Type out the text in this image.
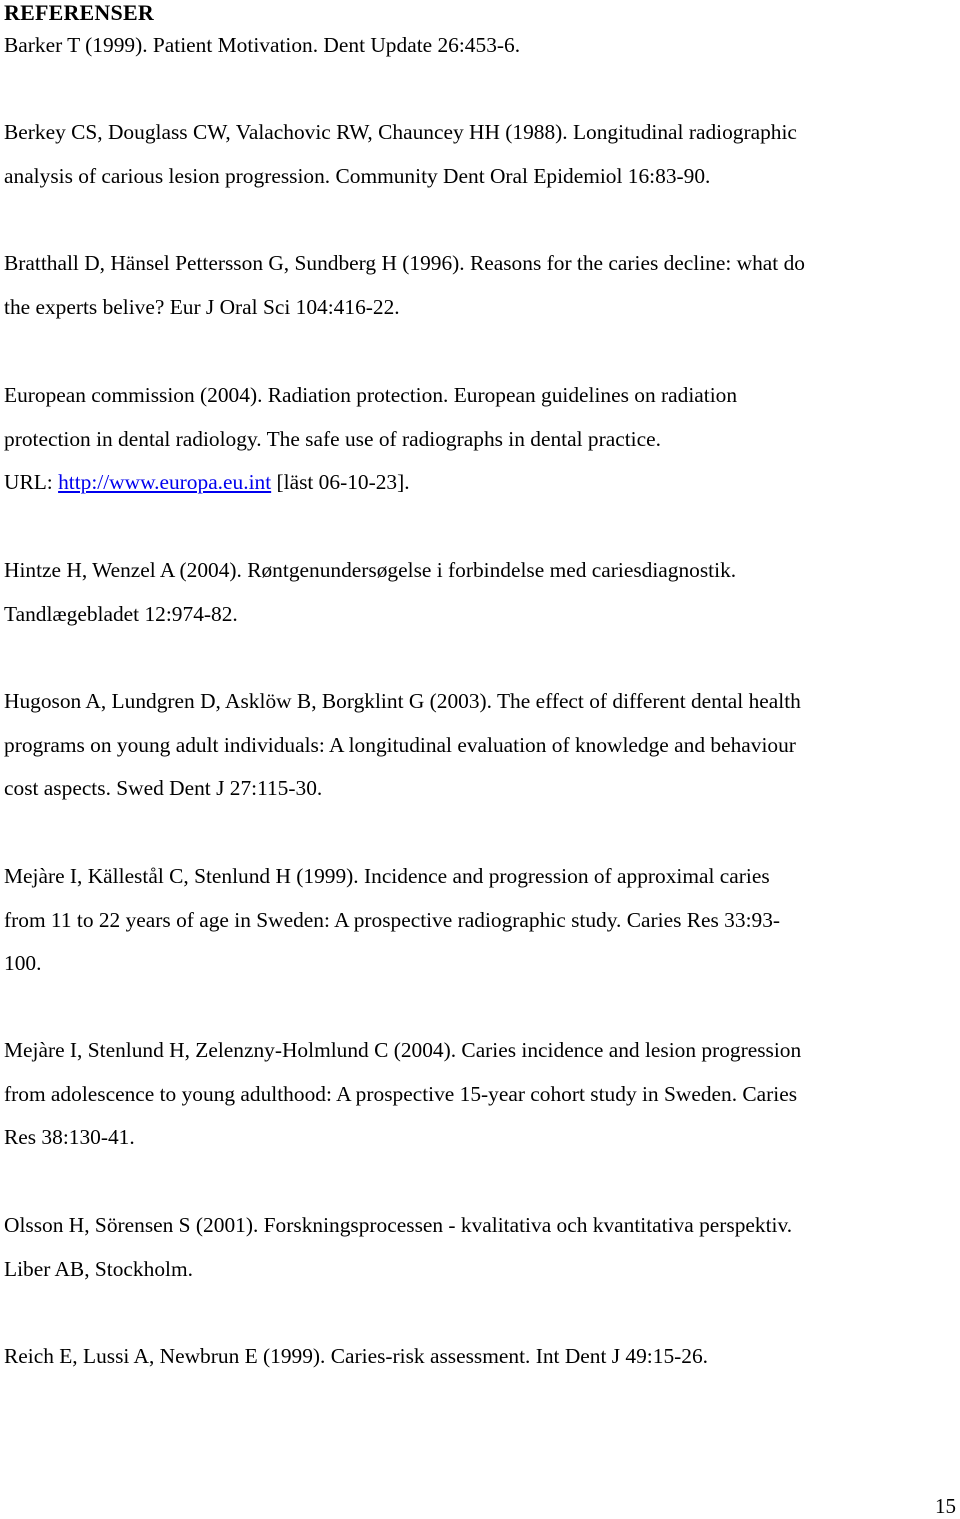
REFERENSER

Barker T (1999). Patient Motivation. Dent Update 26:453-6.

Berkey CS, Douglass CW, Valachovic RW, Chauncey HH (1988). Longitudinal radiographic

analysis of carious lesion progression. Community Dent Oral Epidemiol 16:83-90.

Bratthall D, Hänsel Pettersson G, Sundberg H (1996). Reasons for the caries decline: what do

the experts belive? Eur J Oral Sci 104:416-22.

European commission (2004). Radiation protection. European guidelines on radiation

protection in dental radiology. The safe use of radiographs in dental practice.

URL: http://www.europa.eu.int [läst 06-10-23].

Hintze H, Wenzel A (2004). Røntgenundersøgelse i forbindelse med cariesdiagnostik.

Tandlægebladet 12:974-82.

Hugoson A, Lundgren D, Asklöw B, Borgklint G (2003). The effect of different dental health

programs on young adult individuals: A longitudinal evaluation of knowledge and behaviour

cost aspects. Swed Dent J 27:115-30.

Mejàre I, Källestål C, Stenlund H (1999). Incidence and progression of approximal caries

from 11 to 22 years of age in Sweden: A prospective radiographic study. Caries Res 33:93-

100.

Mejàre I, Stenlund H, Zelenzny-Holmlund C (2004). Caries incidence and lesion progression

from adolescence to young adulthood: A prospective 15-year cohort study in Sweden. Caries

Res 38:130-41.

Olsson H, Sörensen S (2001). Forskningsprocessen - kvalitativa och kvantitativa perspektiv.

Liber AB, Stockholm.

Reich E, Lussi A, Newbrun E (1999). Caries-risk assessment. Int Dent J 49:15-26.

15
